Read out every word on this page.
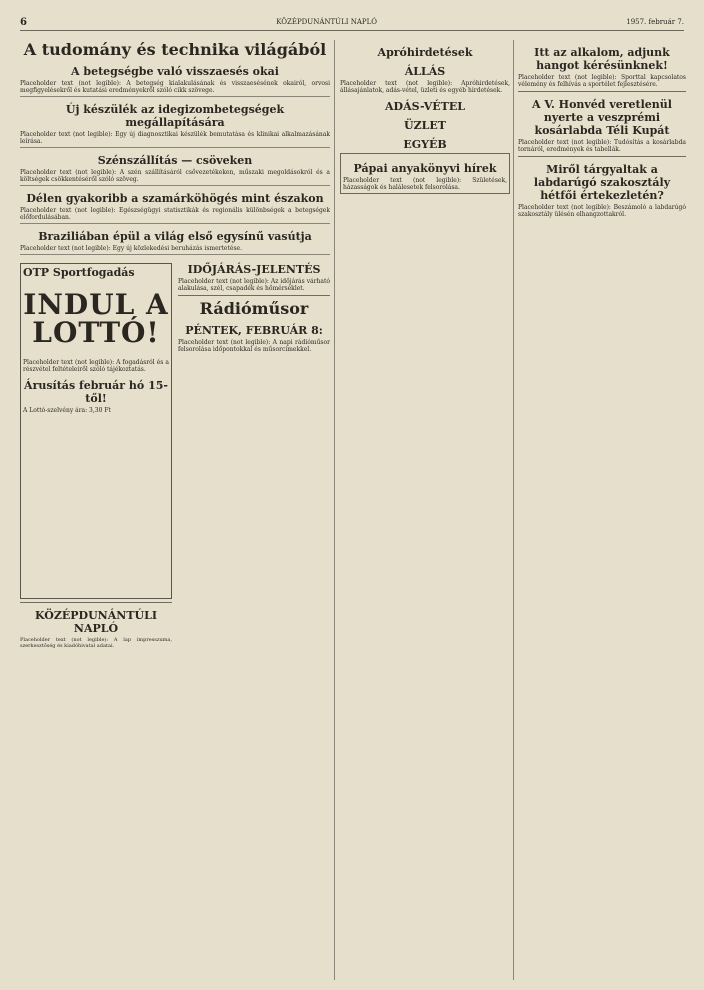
6	KÖZÉPDUNÁNTÚLI NAPLÓ	1957. február 7.
A tudomány és technika világából
A betegségbe való visszaesés okai
Placeholder text (not legible): A betegség kialakulásának és visszaesésének okairól, orvosi megfigyelésekről és kutatási eredményekről szóló cikk szövege.
Új készülék az idegizombetegségek megállapítására
Placeholder text (not legible): Egy új diagnosztikai készülék bemutatása és klinikai alkalmazásának leírása.
Szénszállítás — csöveken
Placeholder text (not legible): A szén szállításáról csővezetékeken, műszaki megoldásokról és a költségek csökkentéséről szóló szöveg.
Délen gyakoribb a szamárköhögés mint északon
Placeholder text (not legible): Egészségügyi statisztikák és regionális különbségek a betegségek előfordulásában.
Braziliában épül a világ első egysínű vasútja
Placeholder text (not legible): Egy új közlekedési beruházás ismertetése.
OTP Sportfogadás
INDUL A LOTTÓ!
Placeholder text (not legible): A fogadásról és a részvétel feltételeiről szóló tájékoztatás.
Árusítás február hó 15-től!
A Lottó-szelvény ára: 3,30 Ft
KÖZÉPDUNÁNTÚLI NAPLÓ
Placeholder text (not legible): A lap impresszuma, szerkesztőség és kiadóhivatal adatai.
IDŐJÁRÁS-JELENTÉS
Placeholder text (not legible): Az időjárás várható alakulása, szél, csapadék és hőmérséklet.
Rádióműsor
PÉNTEK, FEBRUÁR 8:
Placeholder text (not legible): A napi rádióműsor felsorolása időpontokkal és műsorcímekkel.
Apróhirdetések
ÁLLÁS
Placeholder text (not legible): Apróhirdetések, állásajánlatok, adás-vétel, üzleti és egyéb hirdetések.
ADÁS-VÉTEL
ÜZLET
EGYÉB
Pápai anyakönyvi hírek
Placeholder text (not legible): Születések, házasságok és halálesetek felsorolása.
Itt az alkalom, adjunk hangot kérésünknek!
Placeholder text (not legible): Sporttal kapcsolatos vélemény és felhívás a sportélet fejlesztésére.
A V. Honvéd veretlenül nyerte a veszprémi kosárlabda Téli Kupát
Placeholder text (not legible): Tudósítás a kosárlabda tornáról, eredmények és tabellák.
Miről tárgyaltak a labdarúgó szakosztály hétfői értekezletén?
Placeholder text (not legible): Beszámoló a labdarúgó szakosztály ülésén elhangzottakról.
